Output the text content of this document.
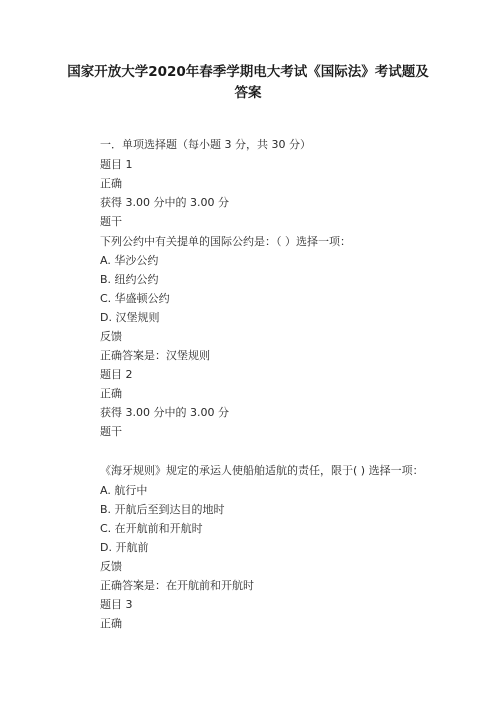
国家开放大学2020年春季学期电大考试《国际法》考试题及
答案
一．单项选择题（每小题 3 分，共 30 分）
题目 1
正确
获得 3.00 分中的 3.00 分
题干
下列公约中有关提单的国际公约是：（ ）选择一项：
A. 华沙公约
B. 纽约公约
C. 华盛顿公约
D. 汉堡规则
反馈
正确答案是：汉堡规则
题目 2
正确
获得 3.00 分中的 3.00 分
题干
《海牙规则》规定的承运人使船舶适航的责任，限于( ) 选择一项：
A. 航行中
B. 开航后至到达目的地时
C. 在开航前和开航时
D. 开航前
反馈
正确答案是：在开航前和开航时
题目 3
正确
